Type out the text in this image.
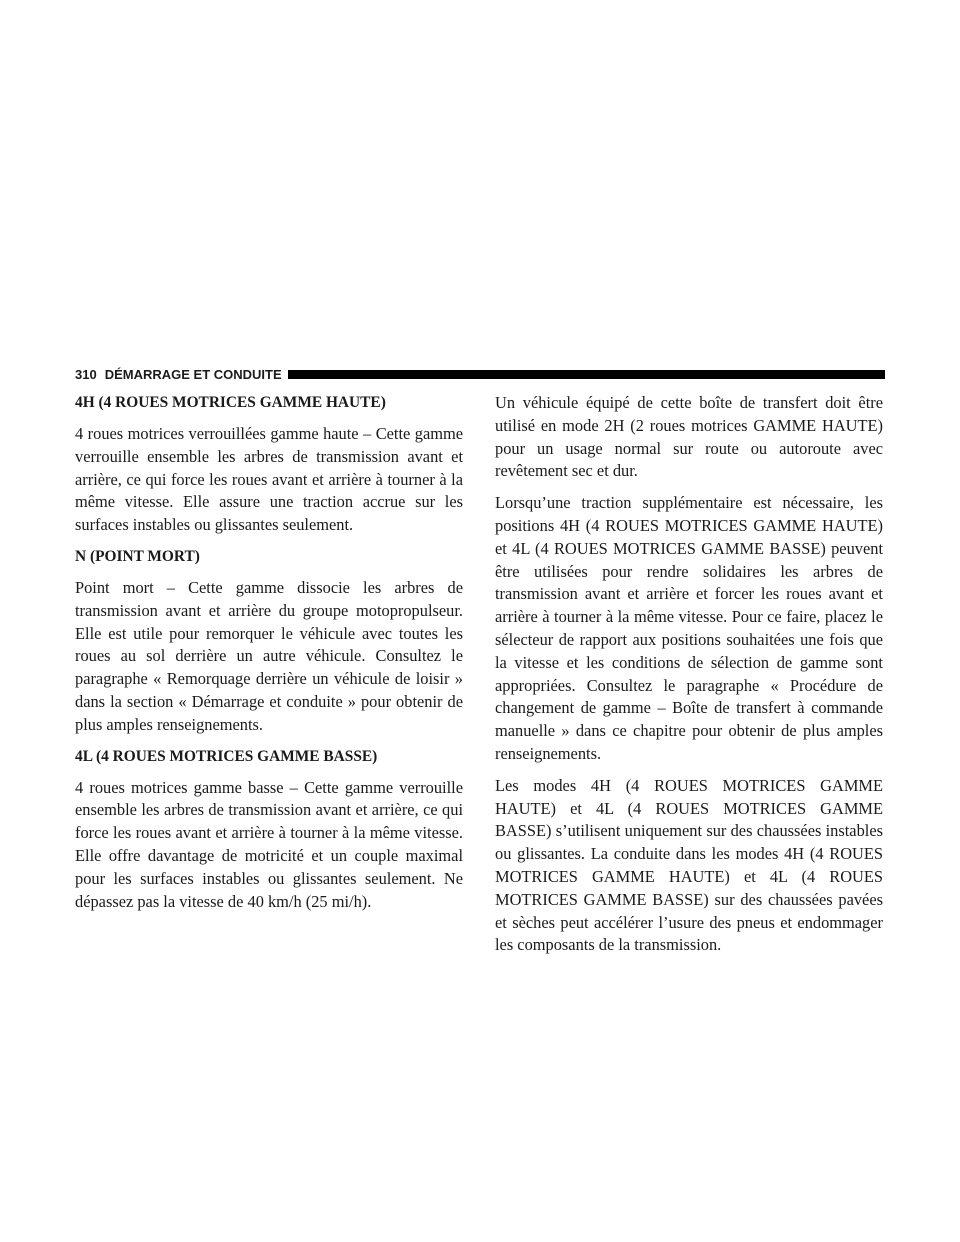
310 DÉMARRAGE ET CONDUITE
4H (4 ROUES MOTRICES GAMME HAUTE)

4 roues motrices verrouillées gamme haute – Cette gamme verrouille ensemble les arbres de transmission avant et arrière, ce qui force les roues avant et arrière à tourner à la même vitesse. Elle assure une traction accrue sur les surfaces instables ou glissantes seulement.

N (POINT MORT)

Point mort – Cette gamme dissocie les arbres de transmission avant et arrière du groupe motopropulseur. Elle est utile pour remorquer le véhicule avec toutes les roues au sol derrière un autre véhicule. Consultez le paragraphe « Remorquage derrière un véhicule de loisir » dans la section « Démarrage et conduite » pour obtenir de plus amples renseignements.

4L (4 ROUES MOTRICES GAMME BASSE)

4 roues motrices gamme basse – Cette gamme verrouille ensemble les arbres de transmission avant et arrière, ce qui force les roues avant et arrière à tourner à la même vitesse. Elle offre davantage de motricité et un couple maximal pour les surfaces instables ou glissantes seulement. Ne dépassez pas la vitesse de 40 km/h (25 mi/h).

Un véhicule équipé de cette boîte de transfert doit être utilisé en mode 2H (2 roues motrices GAMME HAUTE) pour un usage normal sur route ou autoroute avec revêtement sec et dur.

Lorsqu’une traction supplémentaire est nécessaire, les positions 4H (4 ROUES MOTRICES GAMME HAUTE) et 4L (4 ROUES MOTRICES GAMME BASSE) peuvent être utilisées pour rendre solidaires les arbres de transmission avant et arrière et forcer les roues avant et arrière à tourner à la même vitesse. Pour ce faire, placez le sélecteur de rapport aux positions souhaitées une fois que la vitesse et les conditions de sélection de gamme sont appropriées. Consultez le paragraphe « Procédure de changement de gamme – Boîte de transfert à commande manuelle » dans ce chapitre pour obtenir de plus amples renseignements.

Les modes 4H (4 ROUES MOTRICES GAMME HAUTE) et 4L (4 ROUES MOTRICES GAMME BASSE) s’utilisent uniquement sur des chaussées instables ou glissantes. La conduite dans les modes 4H (4 ROUES MOTRICES GAMME HAUTE) et 4L (4 ROUES MOTRICES GAMME BASSE) sur des chaussées pavées et sèches peut accélérer l’usure des pneus et endommager les composants de la transmission.
